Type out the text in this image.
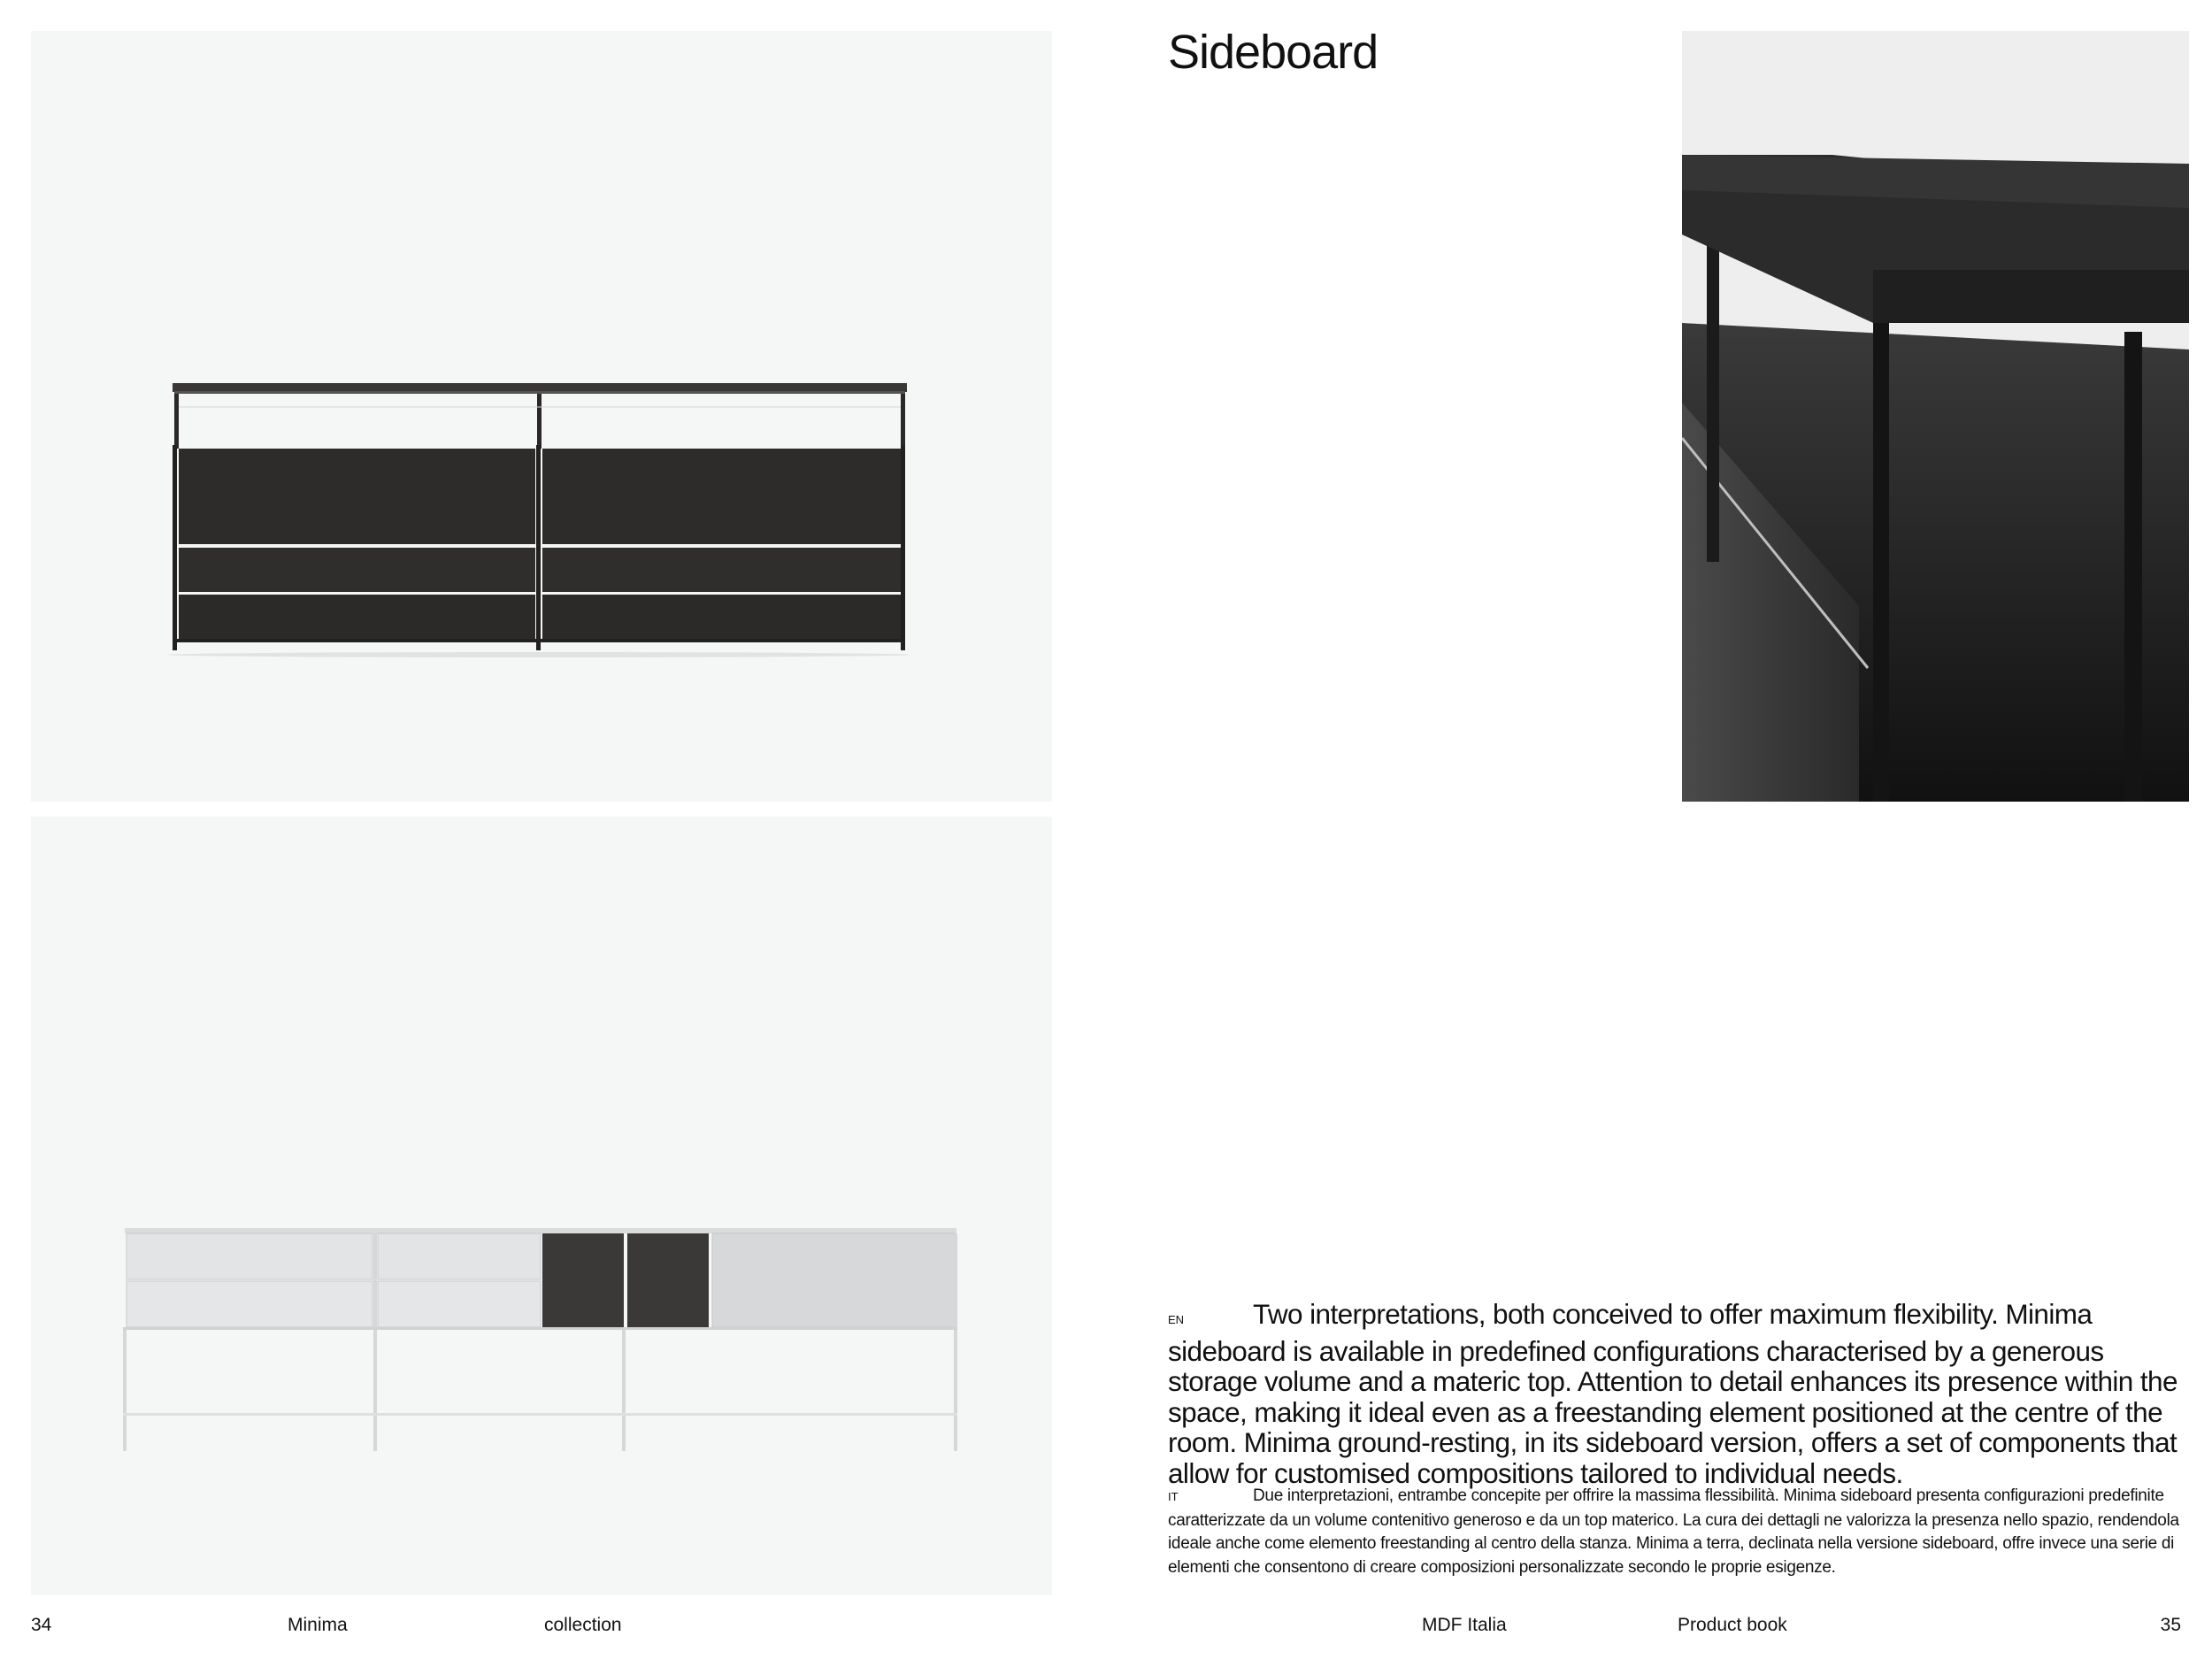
Sideboard

EN Two interpretations, both conceived to offer maximum flexibility. Minima sideboard is available in predefined configurations characterised by a generous storage volume and a materic top. Attention to detail enhances its presence within the space, making it ideal even as a freestanding element positioned at the centre of the room. Minima ground-resting, in its sideboard version, offers a set of components that allow for customised compositions tailored to individual needs.

IT	Due interpretazioni, entrambe concepite per offrire la massima flessibilità. Minima sideboard presenta configurazioni predefinite caratterizzate da un volume contenitivo generoso e da un top materico. La cura dei dettagli ne valorizza la presenza nello spazio, rendendola ideale anche come elemento freestanding al centro della stanza. Minima a terra, declinata nella versione sideboard, offre invece una serie di elementi che consentono di creare composizioni personalizzate secondo le proprie esigenze.

34	Minima	collection	MDF Italia	Product book	35
